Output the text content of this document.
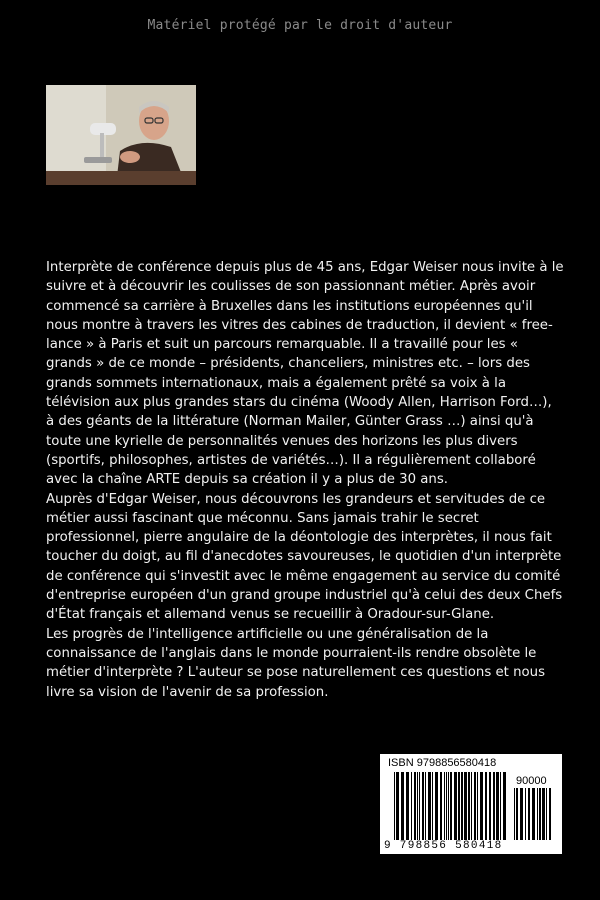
Matériel protégé par le droit d'auteur

Interprète de conférence depuis plus de 45 ans, Edgar Weiser nous invite à le suivre et à découvrir les coulisses de son passionnant métier. Après avoir commencé sa carrière à Bruxelles dans les institutions européennes qu'il nous montre à travers les vitres des cabines de traduction, il devient « free-lance » à Paris et suit un parcours remarquable. Il a travaillé pour les « grands » de ce monde – présidents, chanceliers, ministres etc. – lors des grands sommets internationaux, mais a également prêté sa voix à la télévision aux plus grandes stars du cinéma (Woody Allen, Harrison Ford…), à des géants de la littérature (Norman Mailer, Günter Grass …) ainsi qu'à toute une kyrielle de personnalités venues des horizons les plus divers (sportifs, philosophes, artistes de variétés…). Il a régulièrement collaboré avec la chaîne ARTE depuis sa création il y a plus de 30 ans.

Auprès d'Edgar Weiser, nous découvrons les grandeurs et servitudes de ce métier aussi fascinant que méconnu. Sans jamais trahir le secret professionnel, pierre angulaire de la déontologie des interprètes, il nous fait toucher du doigt, au fil d'anecdotes savoureuses, le quotidien d'un interprète de conférence qui s'investit avec le même engagement au service du comité d'entreprise européen d'un grand groupe industriel qu'à celui des deux Chefs d'État français et allemand venus se recueillir à Oradour-sur-Glane.

Les progrès de l'intelligence artificielle ou une généralisation de la connaissance de l'anglais dans le monde pourraient-ils rendre obsolète le métier d'interprète ? L'auteur se pose naturellement ces questions et nous livre sa vision de l'avenir de sa profession.

ISBN 9798856580418
90000
9 798856 580418
